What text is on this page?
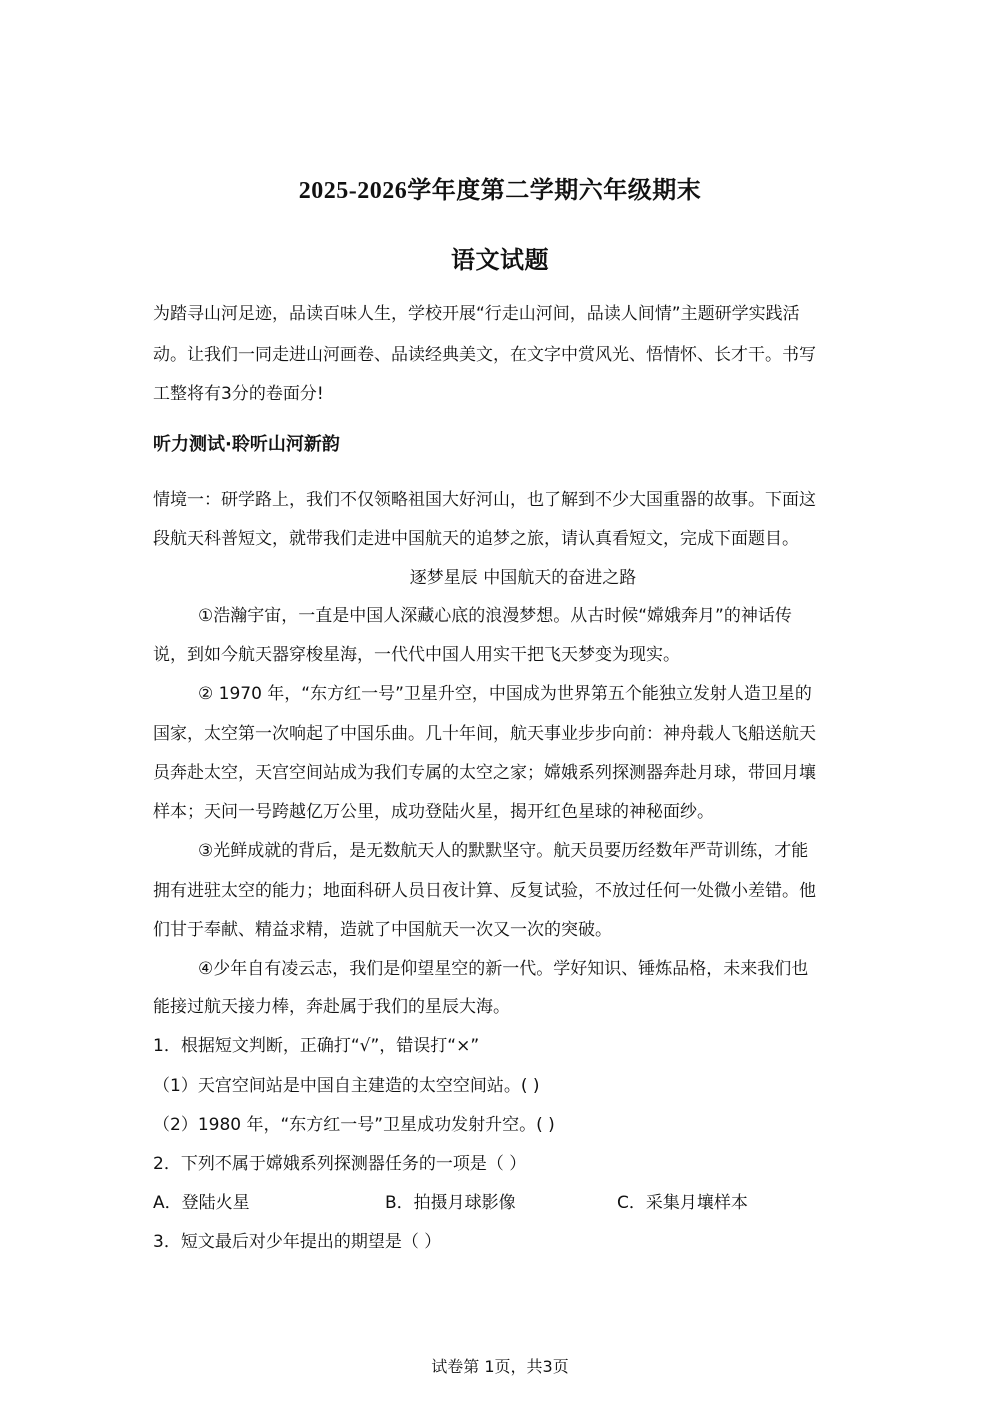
2025-2026学年度第二学期六年级期末
语文试题
为踏寻山河足迹，品读百味人生，学校开展“行走山河间，品读人间情”主题研学实践活
动。让我们一同走进山河画卷、品读经典美文，在文字中赏风光、悟情怀、长才干。书写
工整将有3分的卷面分!
听力测试·聆听山河新韵
情境一：研学路上，我们不仅领略祖国大好河山，也了解到不少大国重器的故事。下面这
段航天科普短文，就带我们走进中国航天的追梦之旅，请认真看短文，完成下面题目。
逐梦星辰 中国航天的奋进之路
①浩瀚宇宙，一直是中国人深藏心底的浪漫梦想。从古时候“嫦娥奔月”的神话传
说，到如今航天器穿梭星海，一代代中国人用实干把飞天梦变为现实。
② 1970 年，“东方红一号”卫星升空，中国成为世界第五个能独立发射人造卫星的
国家，太空第一次响起了中国乐曲。几十年间，航天事业步步向前：神舟载人飞船送航天
员奔赴太空，天宫空间站成为我们专属的太空之家；嫦娥系列探测器奔赴月球，带回月壤
样本；天问一号跨越亿万公里，成功登陆火星，揭开红色星球的神秘面纱。
③光鲜成就的背后，是无数航天人的默默坚守。航天员要历经数年严苛训练，才能
拥有进驻太空的能力；地面科研人员日夜计算、反复试验，不放过任何一处微小差错。他
们甘于奉献、精益求精，造就了中国航天一次又一次的突破。
④少年自有凌云志，我们是仰望星空的新一代。学好知识、锤炼品格，未来我们也
能接过航天接力棒，奔赴属于我们的星辰大海。
1．根据短文判断，正确打“√”，错误打“×”
（1）天宫空间站是中国自主建造的太空空间站。( )
（2）1980 年，“东方红一号”卫星成功发射升空。( )
2．下列不属于嫦娥系列探测器任务的一项是（ ）
A．登陆火星	B．拍摄月球影像	C．采集月壤样本
3．短文最后对少年提出的期望是（ ）
试卷第 1页，共3页
